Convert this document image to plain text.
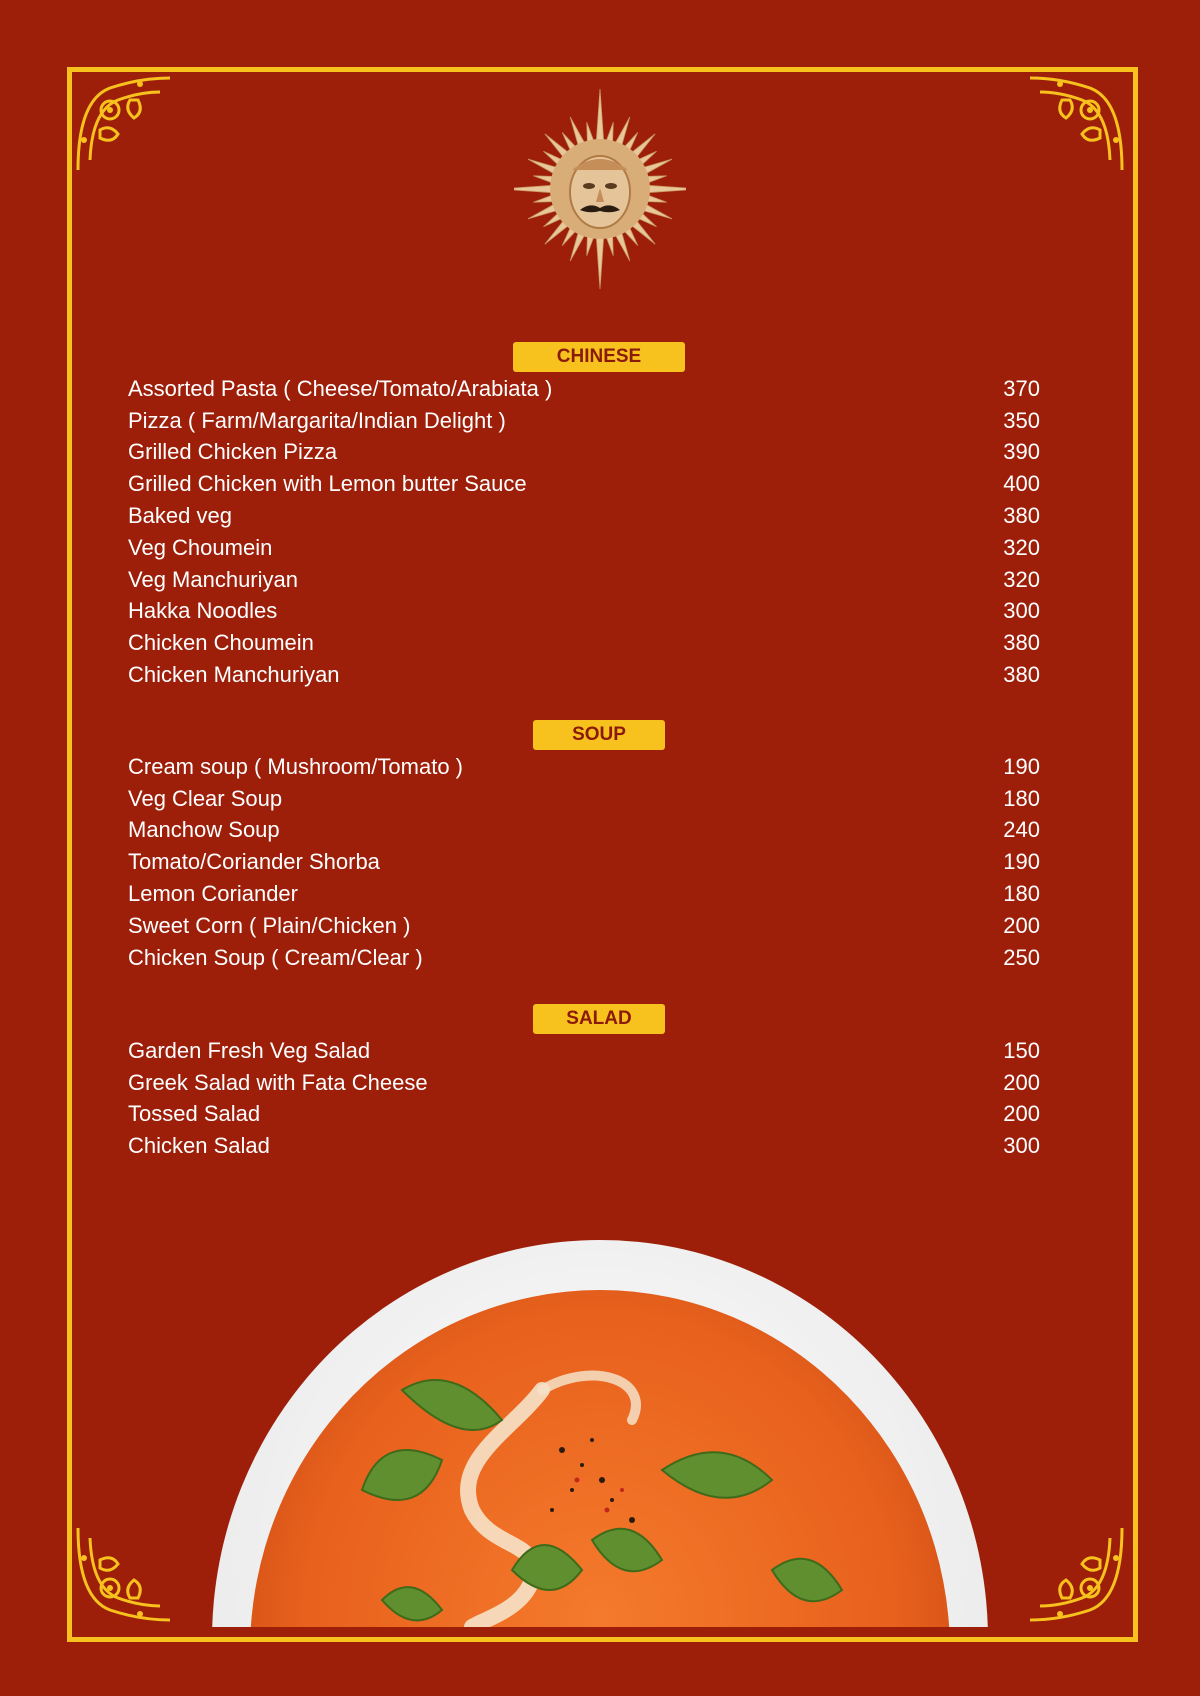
CHINESE
SOUP
SALAD
Assorted Pasta ( Cheese/Tomato/Arabiata )	370
Pizza ( Farm/Margarita/Indian Delight )	350
Grilled Chicken Pizza	390
Grilled Chicken with Lemon butter Sauce	400
Baked veg	380
Veg Choumein	320
Veg Manchuriyan	320
Hakka Noodles	300
Chicken Choumein	380
Chicken Manchuriyan	380
Cream soup ( Mushroom/Tomato )	190
Veg Clear Soup	180
Manchow Soup	240
Tomato/Coriander Shorba	190
Lemon Coriander	180
Sweet Corn ( Plain/Chicken )	200
Chicken Soup ( Cream/Clear )	250
Garden Fresh Veg Salad	150
Greek Salad with Fata Cheese	200
Tossed Salad	200
Chicken Salad	300
